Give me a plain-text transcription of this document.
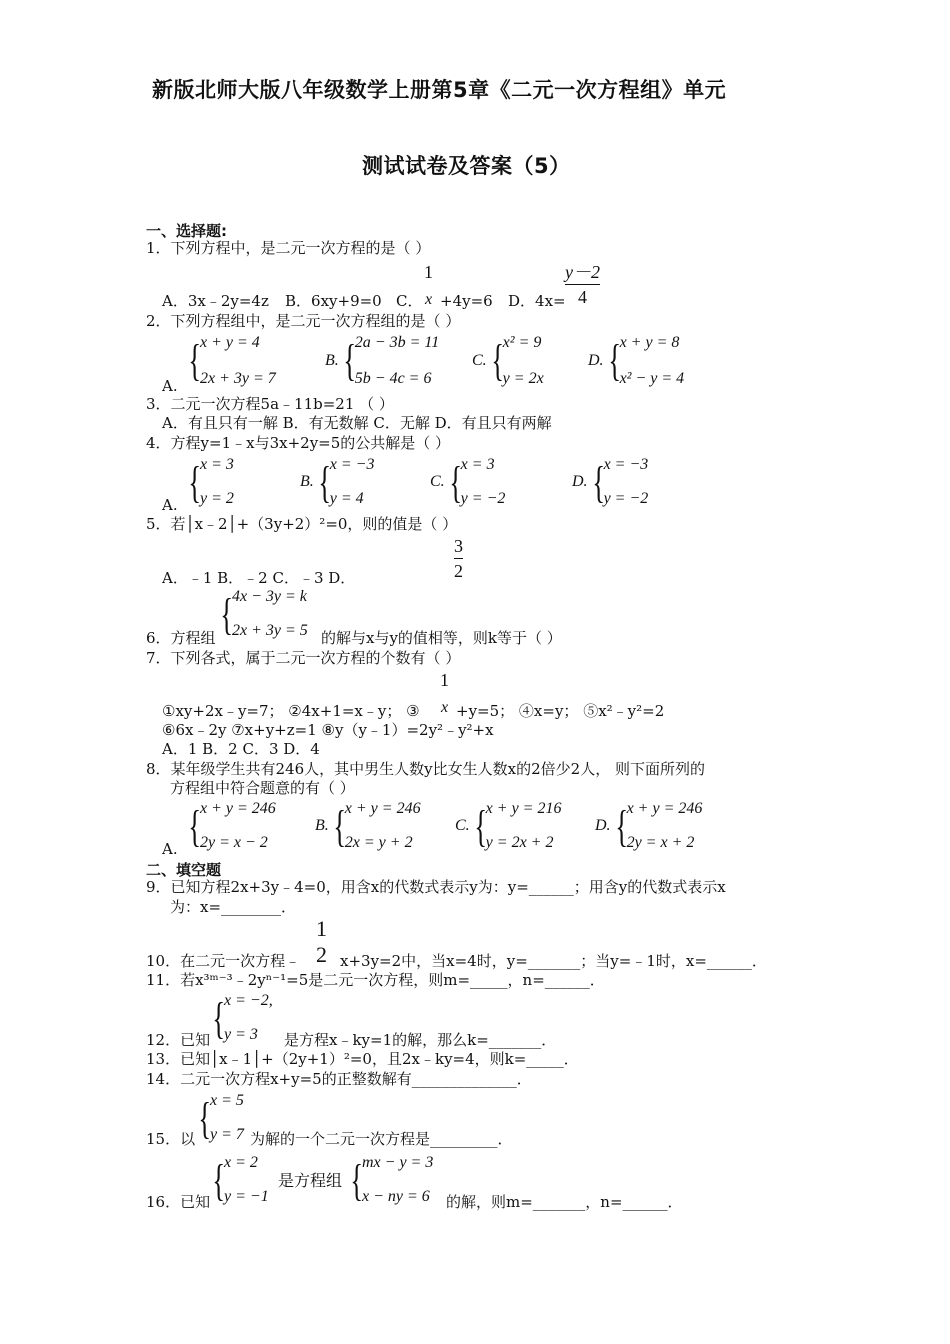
新版北师大版八年级数学上册第5章《二元一次方程组》单元
测试试卷及答案（5）
一、选择题:
1．下列方程中，是二元一次方程的是（ ）
A．3x﹣2y=4z B．6xy+9=0 C．
1
x +4y=6 D．4x=
y－2
4
2．下列方程组中，是二元一次方程组的是（ ）
A.
{
x + y = 4
2x + 3y = 7
B. {
2a − 3b = 11
5b − 4c = 6
C. {
x² = 9
y = 2x
D. {
x + y = 8
x² − y = 4
3．二元一次方程5a﹣11b=21 （ ）
A．有且只有一解 B．有无数解 C．无解 D．有且只有两解
4．方程y=1﹣x与3x+2y=5的公共解是（ ）
A. {
x = 3
y = 2
B. {
x = −3
y = 4
C. {
x = 3
y = −2
D. {
x = −3
y = −2
5．若│x﹣2│+（3y+2）²=0，则的值是（ ）
A．﹣1 B．﹣2 C．﹣3 D．
3
2
6．方程组 {
4x − 3y = k
2x + 3y = 5 的解与x与y的值相等，则k等于（ ）
7．下列各式，属于二元一次方程的个数有（ ）
①xy+2x﹣y=7； ②4x+1=x﹣y； ③
1
x +y=5； ④x=y； ⑤x²﹣y²=2
⑥6x﹣2y ⑦x+y+z=1 ⑧y（y﹣1）=2y²﹣y²+x
A．1 B．2 C．3 D．4
8．某年级学生共有246人，其中男生人数y比女生人数x的2倍少2人， 则下面所列的
方程组中符合题意的有（ ）
A. {
x + y = 246
2y = x − 2
B. {
x + y = 246
2x = y + 2
C. {
x + y = 216
y = 2x + 2
D. {
x + y = 246
2y = x + 2
二、填空题
9．已知方程2x+3y﹣4=0，用含x的代数式表示y为：y=______；用含y的代数式表示x
为：x=________．
10．在二元一次方程﹣
1
2 x+3y=2中，当x=4时，y=_______；当y=﹣1时，x=______．
11．若x³ᵐ⁻³﹣2yⁿ⁻¹=5是二元一次方程，则m=_____，n=______．
12．已知 {
x = −2,
y = 3	是方程x﹣ky=1的解，那么k=_______．
13．已知│x﹣1│+（2y+1）²=0，且2x﹣ky=4，则k=_____．
14．二元一次方程x+y=5的正整数解有______________．
15．以 {
x = 5
y = 7 为解的一个二元一次方程是_________．
16．已知 {
x = 2
y = −1
是方程组 {
mx − y = 3
x − ny = 6 的解，则m=_______，n=______．
